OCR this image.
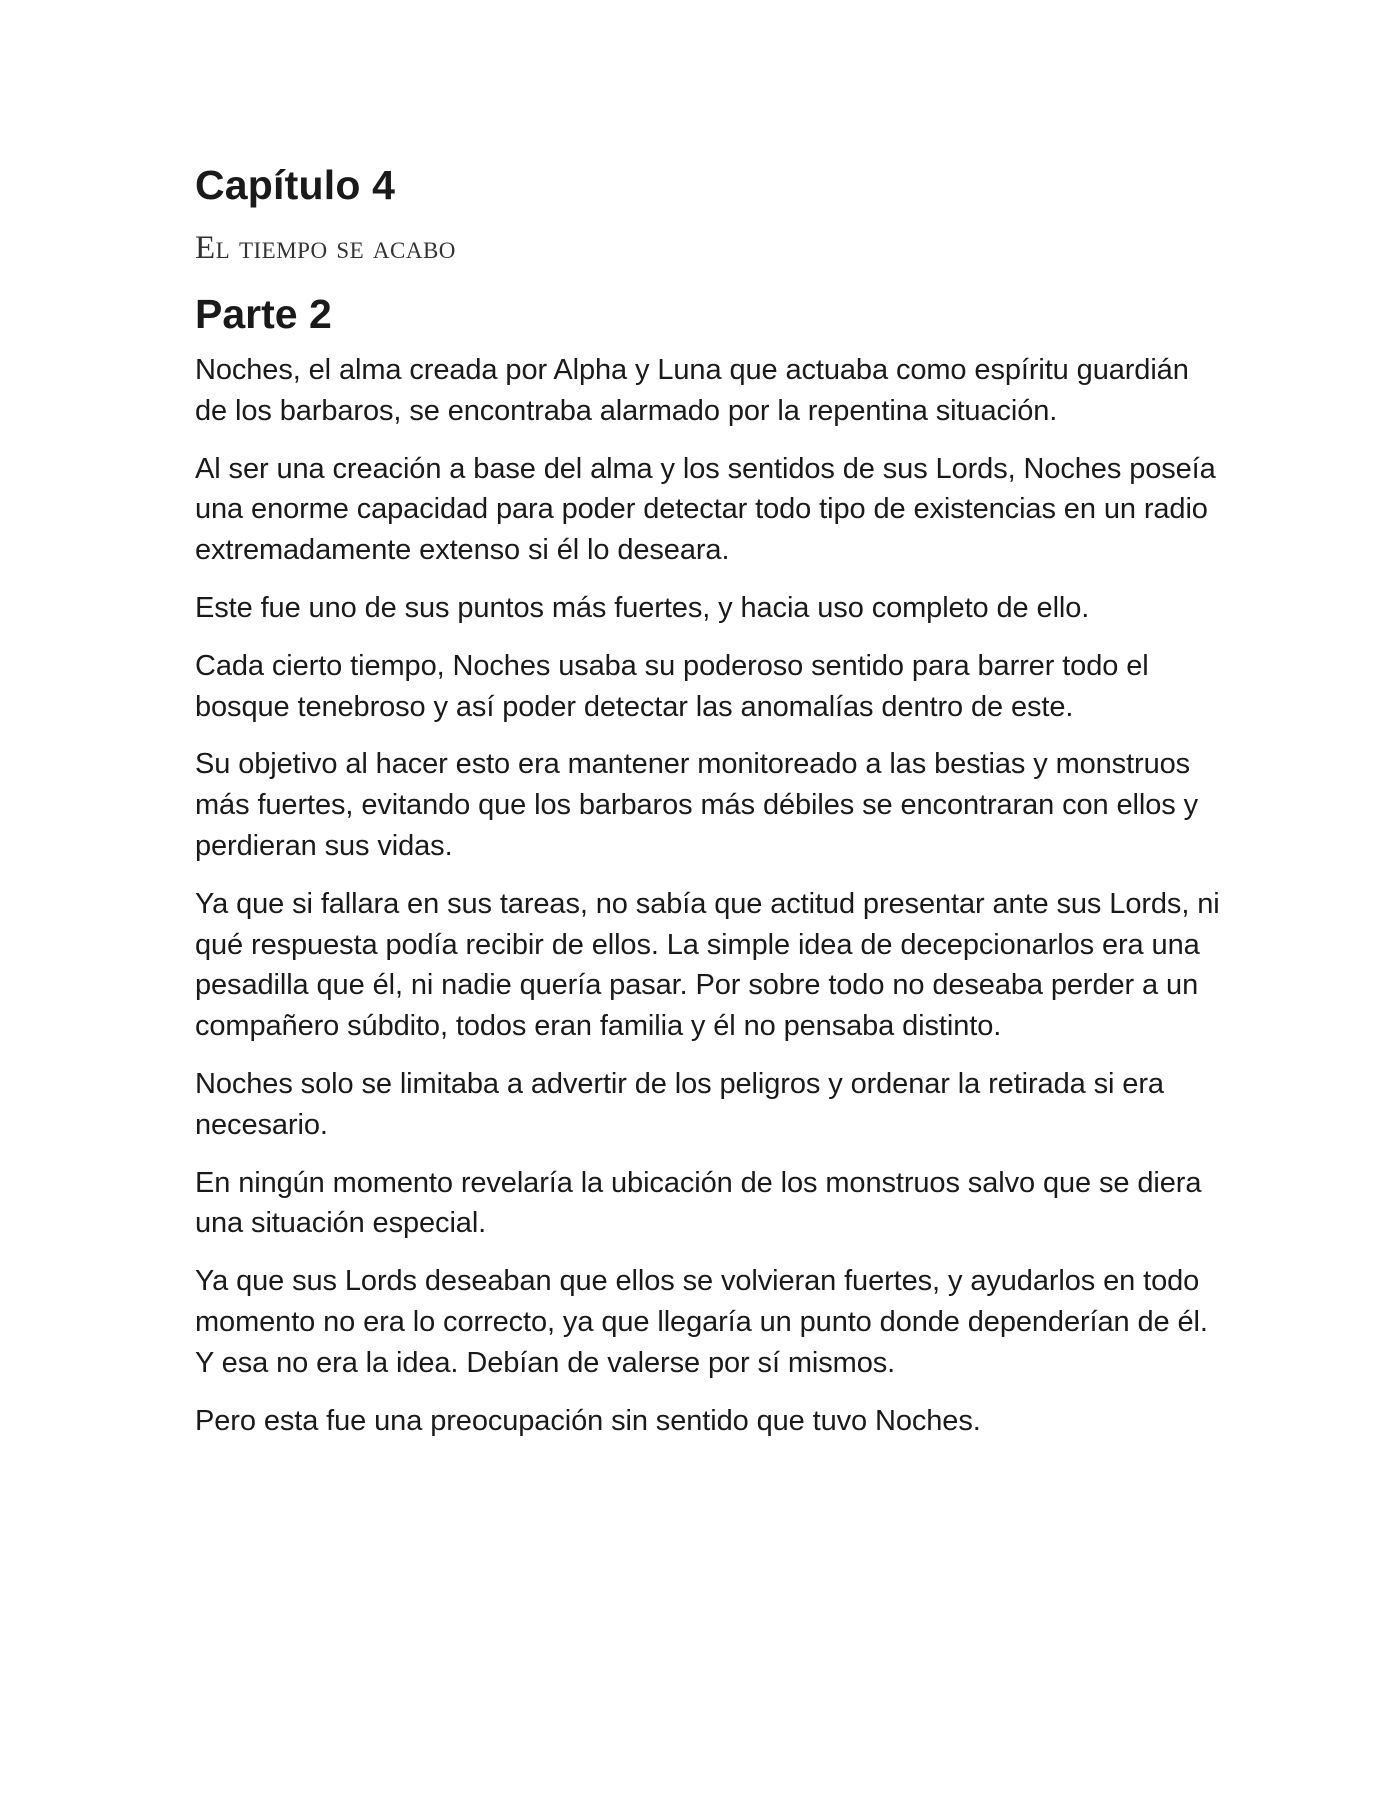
Capítulo 4
El tiempo se acabo
Parte 2

Noches, el alma creada por Alpha y Luna que actuaba como espíritu guardián de los barbaros, se encontraba alarmado por la repentina situación.

Al ser una creación a base del alma y los sentidos de sus Lords, Noches poseía una enorme capacidad para poder detectar todo tipo de existencias en un radio extremadamente extenso si él lo deseara.

Este fue uno de sus puntos más fuertes, y hacia uso completo de ello.

Cada cierto tiempo, Noches usaba su poderoso sentido para barrer todo el bosque tenebroso y así poder detectar las anomalías dentro de este.

Su objetivo al hacer esto era mantener monitoreado a las bestias y monstruos más fuertes, evitando que los barbaros más débiles se encontraran con ellos y perdieran sus vidas.

Ya que si fallara en sus tareas, no sabía que actitud presentar ante sus Lords, ni qué respuesta podía recibir de ellos. La simple idea de decepcionarlos era una pesadilla que él, ni nadie quería pasar. Por sobre todo no deseaba perder a un compañero súbdito, todos eran familia y él no pensaba distinto.

Noches solo se limitaba a advertir de los peligros y ordenar la retirada si era necesario.

En ningún momento revelaría la ubicación de los monstruos salvo que se diera una situación especial.

Ya que sus Lords deseaban que ellos se volvieran fuertes, y ayudarlos en todo momento no era lo correcto, ya que llegaría un punto donde dependerían de él. Y esa no era la idea. Debían de valerse por sí mismos.

Pero esta fue una preocupación sin sentido que tuvo Noches.
